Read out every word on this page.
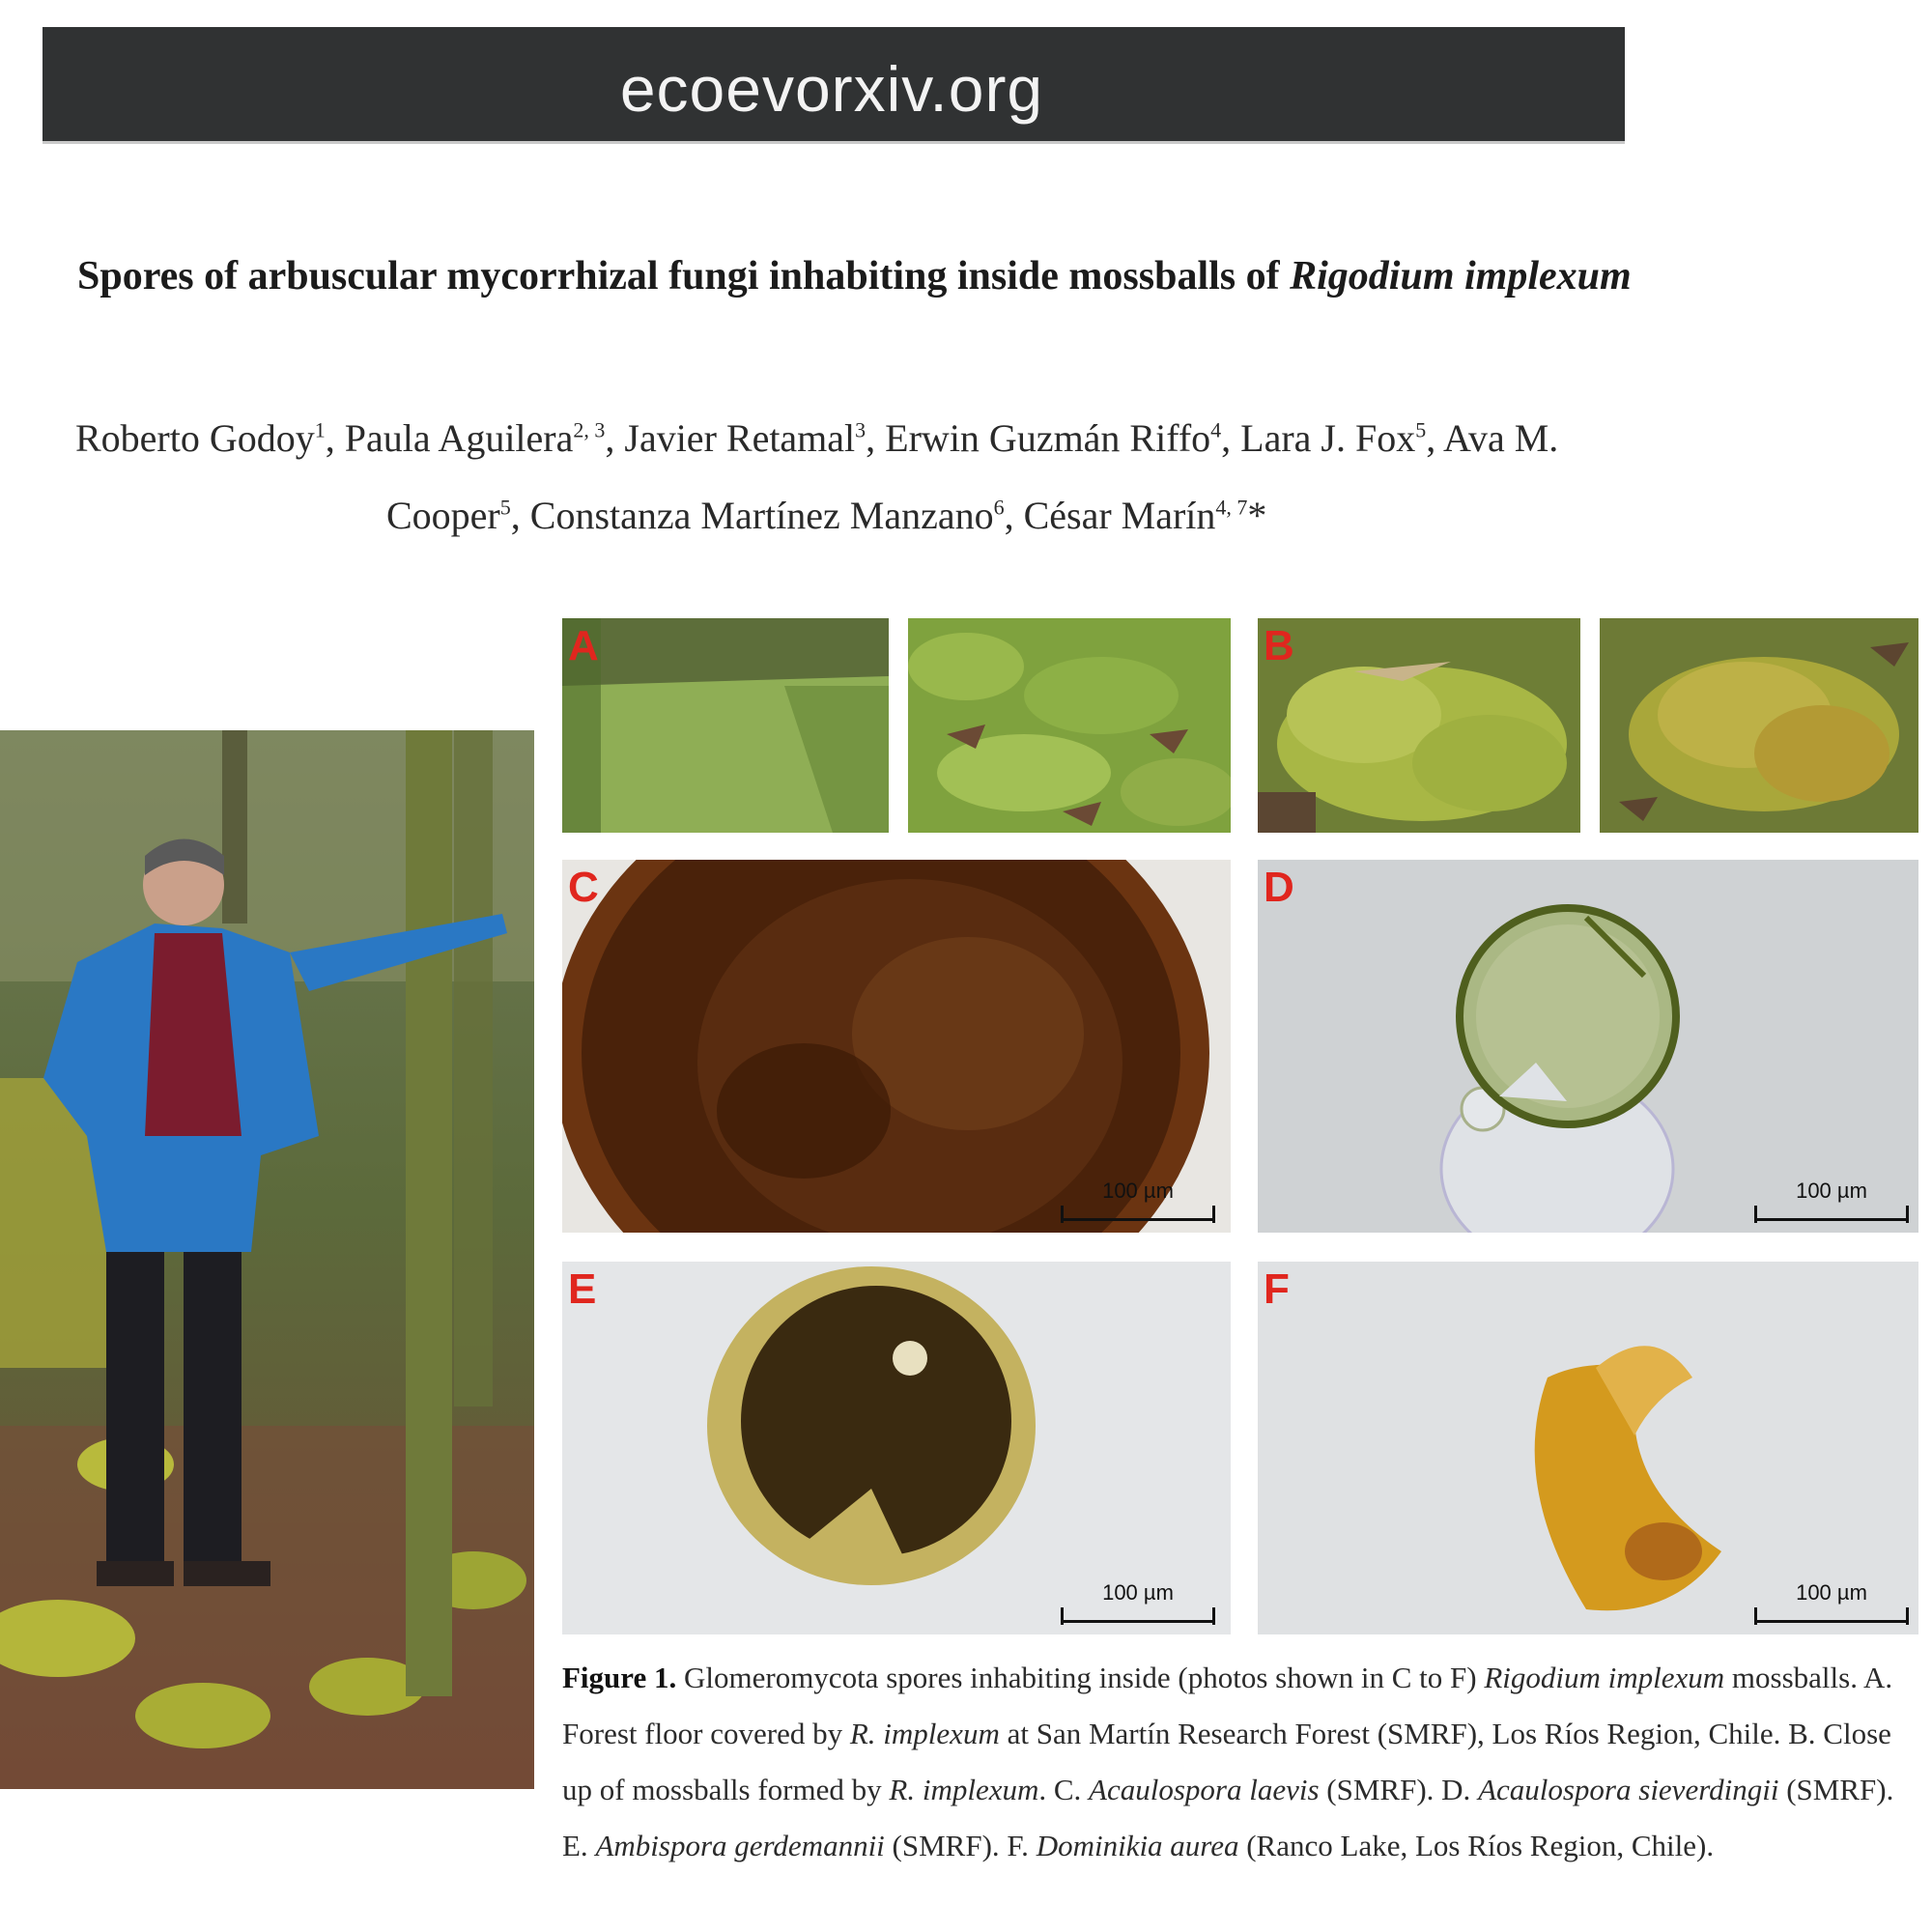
ecoevorxiv.org
Spores of arbuscular mycorrhizal fungi inhabiting inside mossballs of Rigodium implexum
Roberto Godoy$^1$, Paula Aguilera$^{2, 3}$, Javier Retamal$^3$, Erwin Guzmán Riffo$^4$, Lara J. Fox$^5$, Ava M.
Cooper$^5$, Constanza Martínez Manzano$^6$, César Marín$^{4, 7}$*
A	B
C
100 µm
D
100 µm
E
100 µm
F
100 µm
Figure 1. Glomeromycota spores inhabiting inside (photos shown in C to F) Rigodium implexum mossballs. A. Forest floor covered by R. implexum at San Martín Research Forest (SMRF), Los Ríos Region, Chile. B. Close up of mossballs formed by R. implexum. C. Acaulospora laevis (SMRF). D. Acaulospora sieverdingii (SMRF). E. Ambispora gerdemannii (SMRF). F. Dominikia aurea (Ranco Lake, Los Ríos Region, Chile).
